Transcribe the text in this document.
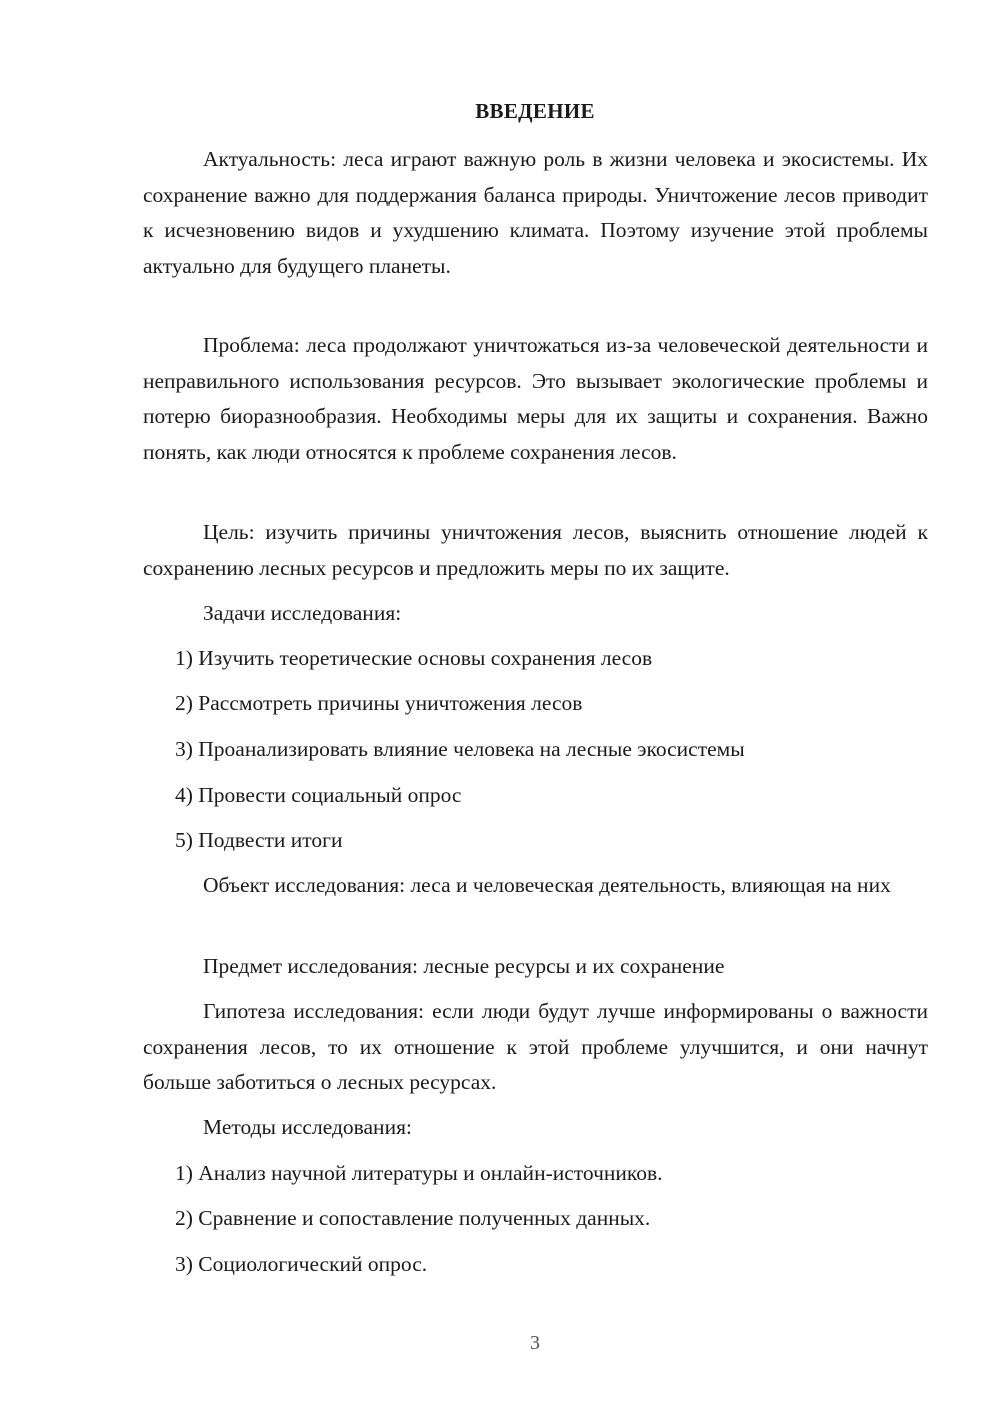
ВВЕДЕНИЕ

Актуальность: леса играют важную роль в жизни человека и экосистемы. Их сохранение важно для поддержания баланса природы. Уничтожение лесов приводит к исчезновению видов и ухудшению климата. Поэтому изучение этой проблемы актуально для будущего планеты.

Проблема: леса продолжают уничтожаться из-за человеческой деятельности и неправильного использования ресурсов. Это вызывает экологические проблемы и потерю биоразнообразия. Необходимы меры для их защиты и сохранения. Важно понять, как люди относятся к проблеме сохранения лесов.

Цель: изучить причины уничтожения лесов, выяснить отношение людей к сохранению лесных ресурсов и предложить меры по их защите.

Задачи исследования:

1) Изучить теоретические основы сохранения лесов

2) Рассмотреть причины уничтожения лесов

3) Проанализировать влияние человека на лесные экосистемы

4) Провести социальный опрос

5) Подвести итоги

Объект исследования: леса и человеческая деятельность, влияющая на них

Предмет исследования: лесные ресурсы и их сохранение

Гипотеза исследования: если люди будут лучше информированы о важности сохранения лесов, то их отношение к этой проблеме улучшится, и они начнут больше заботиться о лесных ресурсах.

Методы исследования:

1) Анализ научной литературы и онлайн-источников.

2) Сравнение и сопоставление полученных данных.

3) Социологический опрос.

3
